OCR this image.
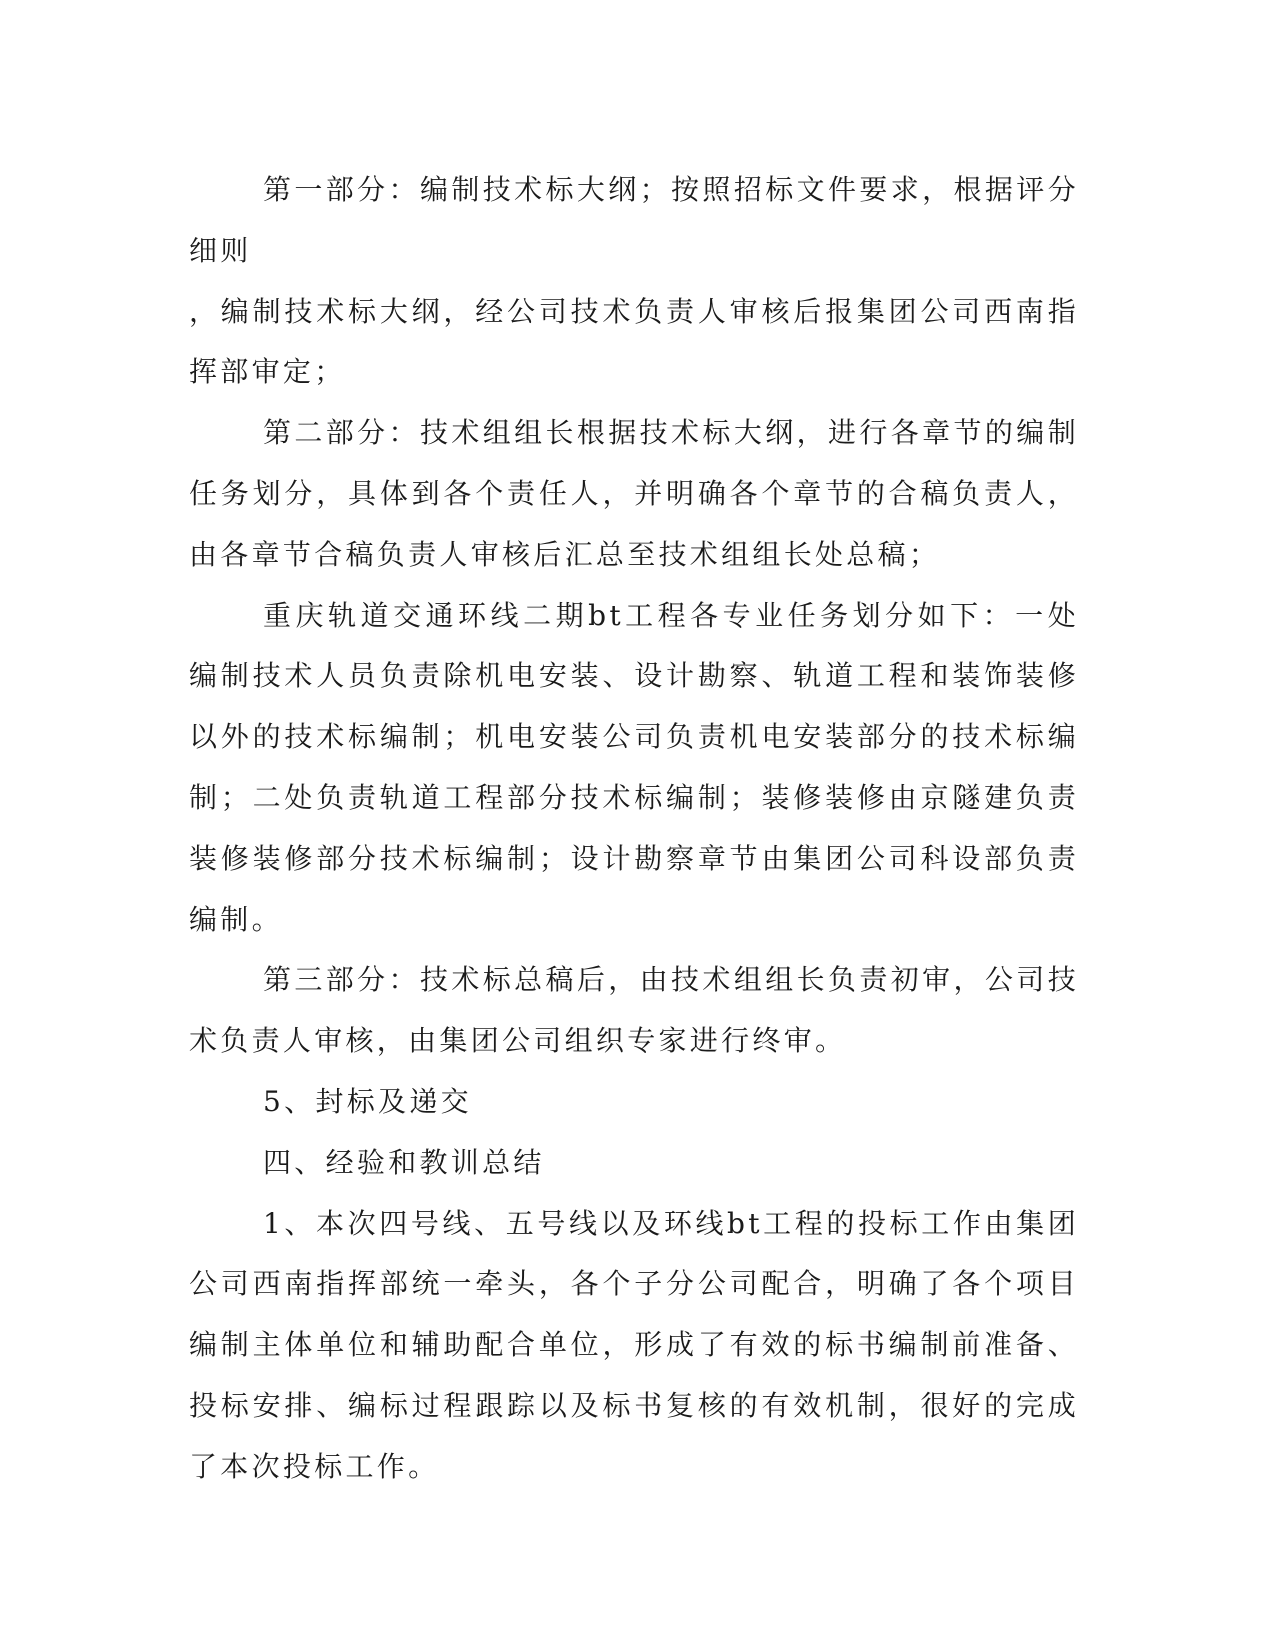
第一部分：编制技术标大纲；按照招标文件要求，根据评分细则

，编制技术标大纲，经公司技术负责人审核后报集团公司西南指挥部审定；

第二部分：技术组组长根据技术标大纲，进行各章节的编制任务划分，具体到各个责任人，并明确各个章节的合稿负责人，由各章节合稿负责人审核后汇总至技术组组长处总稿；

重庆轨道交通环线二期bt工程各专业任务划分如下：一处编制技术人员负责除机电安装、设计勘察、轨道工程和装饰装修以外的技术标编制；机电安装公司负责机电安装部分的技术标编制；二处负责轨道工程部分技术标编制；装修装修由京隧建负责装修装修部分技术标编制；设计勘察章节由集团公司科设部负责编制。

第三部分：技术标总稿后，由技术组组长负责初审，公司技术负责人审核，由集团公司组织专家进行终审。

5、封标及递交

四、经验和教训总结

1、本次四号线、五号线以及环线bt工程的投标工作由集团公司西南指挥部统一牵头，各个子分公司配合，明确了各个项目编制主体单位和辅助配合单位，形成了有效的标书编制前准备、投标安排、编标过程跟踪以及标书复核的有效机制，很好的完成了本次投标工作。
